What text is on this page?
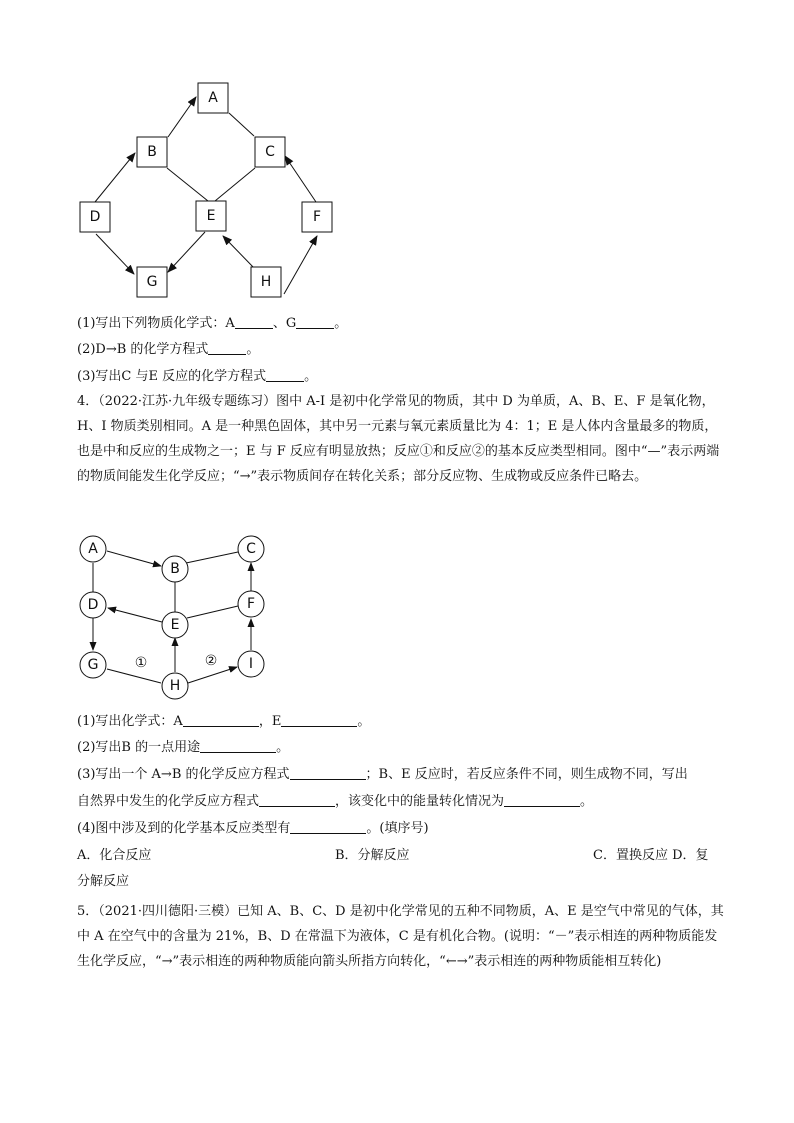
A
B	C
D	E	F
G	H
(1)写出下列物质化学式：A	、G	。
(2)D→B 的化学方程式	。
(3)写出C 与E 反应的化学方程式	。
4．（2022·江苏·九年级专题练习）图中 A-I 是初中化学常见的物质，其中 D 为单质，A、B、E、F 是氧化物，H、I 物质类别相同。A 是一种黑色固体，其中另一元素与氧元素质量比为 4：1；E 是人体内含量最多的物质，也是中和反应的生成物之一；E 与 F 反应有明显放热；反应①和反应②的基本反应类型相同。图中“—”表示两端的物质间能发生化学反应；“→”表示物质间存在转化关系；部分反应物、生成物或反应条件已略去。
A
B
C
D
E
F
G
H
I
①	②
(1)写出化学式：A	，E	。
(2)写出B 的一点用途	。
(3)写出一个 A→B 的化学反应方程式	；B、E 反应时，若反应条件不同，则生成物不同，写出
自然界中发生的化学反应方程式	，该变化中的能量转化情况为	。
(4)图中涉及到的化学基本反应类型有	。(填序号)
A．化合反应	B．分解反应	C．置换反应 D．复
分解反应
5．（2021·四川德阳·三模）已知 A、B、C、D 是初中化学常见的五种不同物质，A、E 是空气中常见的气体，其中 A 在空气中的含量为 21%，B、D 在常温下为液体，C 是有机化合物。(说明：“－”表示相连的两种物质能发生化学反应，“→”表示相连的两种物质能向箭头所指方向转化，“←→”表示相连的两种物质能相互转化)
